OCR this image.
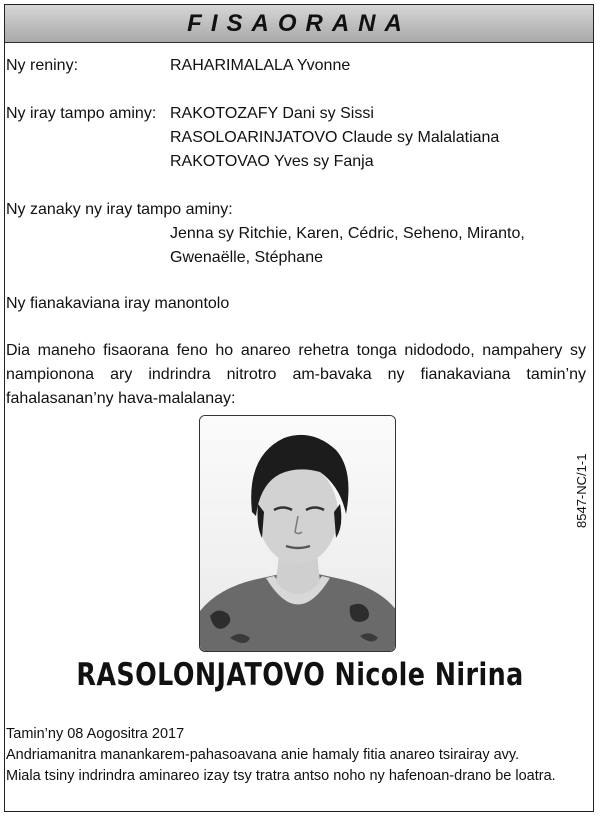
FISAORANA
Ny reniny:	RAHARIMALALA Yvonne
Ny iray tampo aminy: RAKOTOZAFY Dani sy Sissi
RASOLOARINJATOVO Claude sy Malalatiana
RAKOTOVAO Yves sy Fanja
Ny zanaky ny iray tampo aminy:
Jenna sy Ritchie, Karen, Cédric, Seheno, Miranto,
Gwenaëlle, Stéphane
Ny fianakaviana iray manontolo
Dia maneho fisaorana feno ho anareo rehetra tonga nidododo, nampahery sy nampionona ary indrindra nitrotro am-bavaka ny fianakaviana tamin’ny fahalasanan’ny hava-malalanay:
8547-NC/1-1
RASOLONJATOVO Nicole Nirina
Tamin’ny 08 Aogositra 2017
Andriamanitra manankarem-pahasoavana anie hamaly fitia anareo tsirairay avy.
Miala tsiny indrindra aminareo izay tsy tratra antso noho ny hafenoan-drano be loatra.
